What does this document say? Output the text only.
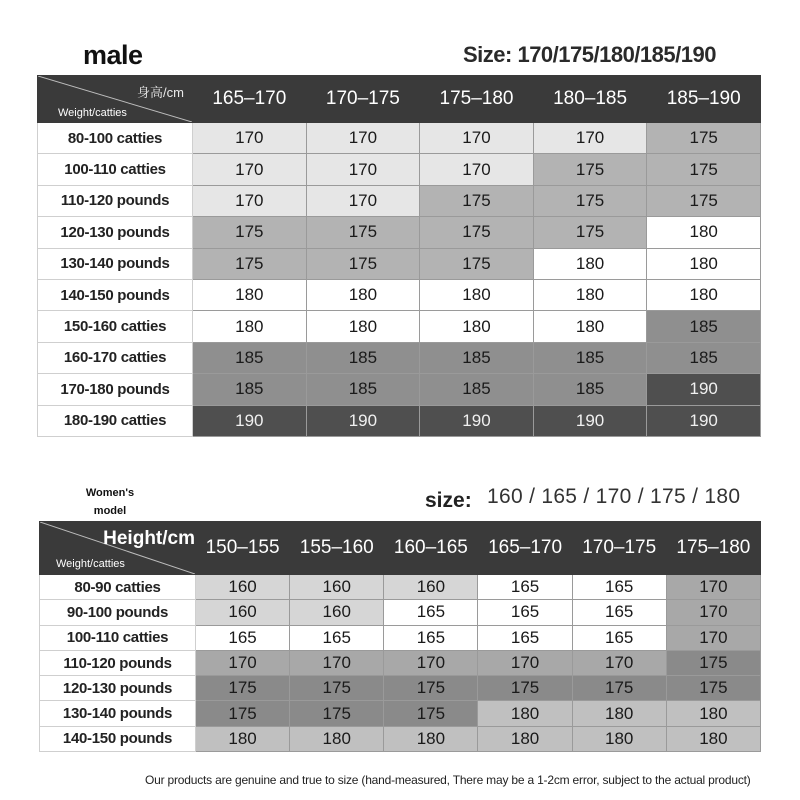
male	Size: 170/175/180/185/190
身高/cm
Weight/catties	165–170	170–175	175–180	180–185	185–190
80-100 catties	170	170	170	170	175
100-110 catties	170	170	170	175	175
110-120 pounds	170	170	175	175	175
120-130 pounds	175	175	175	175	180
130-140 pounds	175	175	175	180	180
140-150 pounds	180	180	180	180	180
150-160 catties	180	180	180	180	185
160-170 catties	185	185	185	185	185
170-180 pounds	185	185	185	185	190
180-190 catties	190	190	190	190	190
Women's model	size: 160 / 165 / 170 / 175 / 180
Height/cm
Weight/catties	150–155	155–160	160–165	165–170	170–175	175–180
80-90 catties	160	160	160	165	165	170
90-100 pounds	160	160	165	165	165	170
100-110 catties	165	165	165	165	165	170
110-120 pounds	170	170	170	170	170	175
120-130 pounds	175	175	175	175	175	175
130-140 pounds	175	175	175	180	180	180
140-150 pounds	180	180	180	180	180	180
Our products are genuine and true to size (hand-measured, There may be a 1-2cm error, subject to the actual product)
